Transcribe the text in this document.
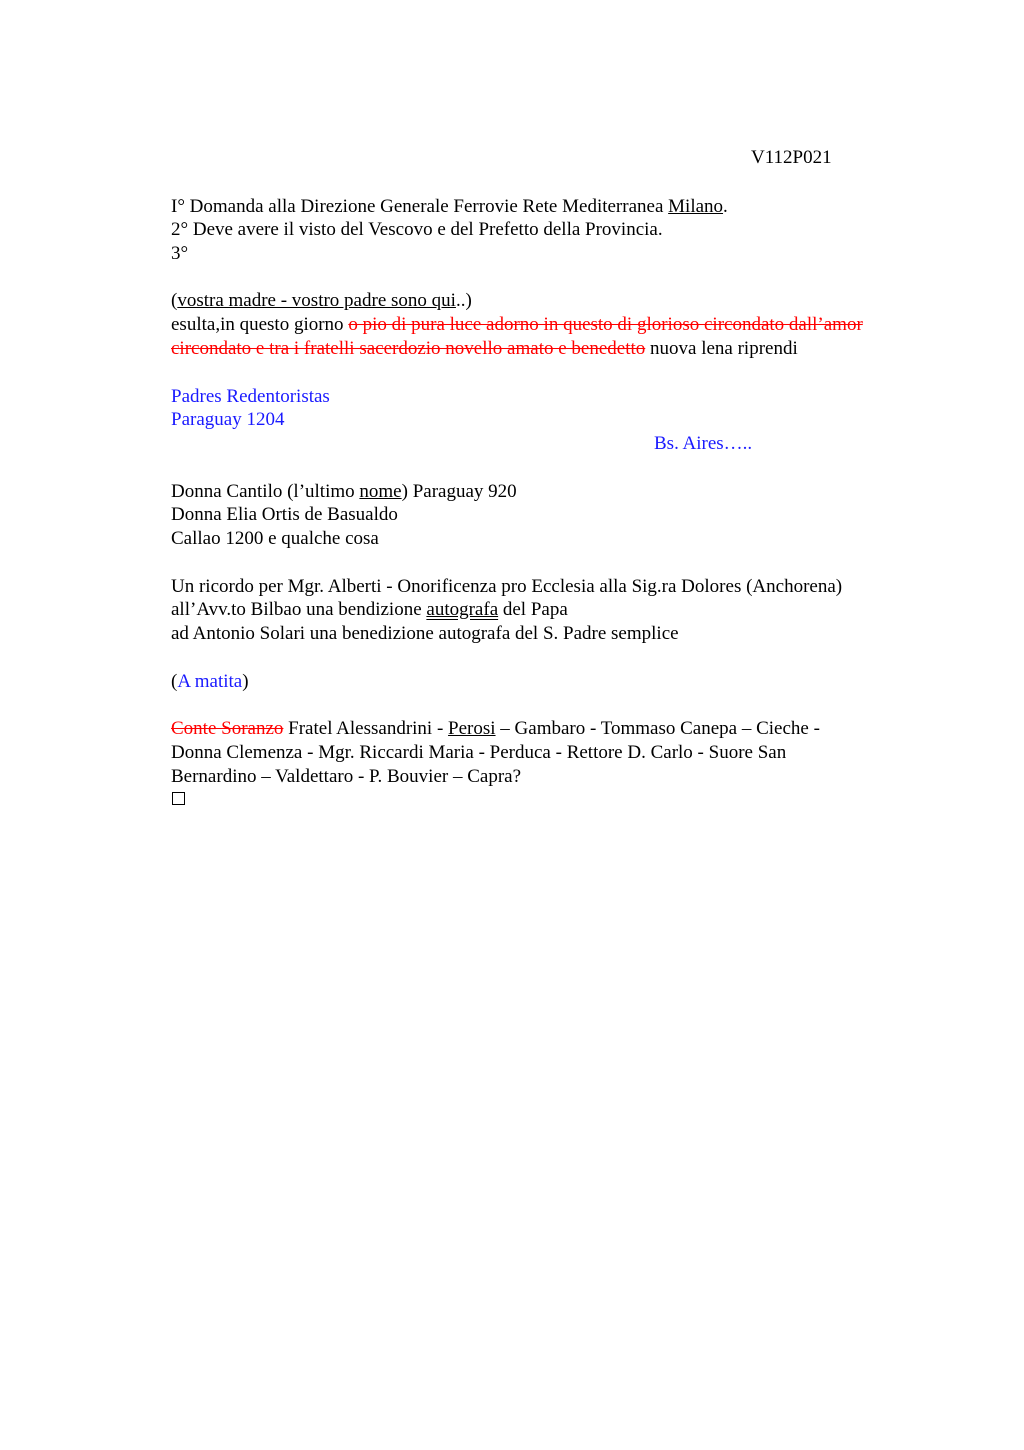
V112P021
I° Domanda alla Direzione Generale Ferrovie Rete Mediterranea Milano.
2° Deve avere il visto del Vescovo e del Prefetto della Provincia.
3°
(vostra madre - vostro padre sono qui..)
esulta,in questo giorno o pio di pura luce adorno in questo di glorioso circondato dall’amor
circondato e tra i fratelli sacerdozio novello amato e benedetto nuova lena riprendi
Padres Redentoristas
Paraguay 1204
Bs. Aires…..
Donna Cantilo (l’ultimo nome) Paraguay 920
Donna Elia Ortis de Basualdo
Callao 1200 e qualche cosa
Un ricordo per Mgr. Alberti - Onorificenza pro Ecclesia alla Sig.ra Dolores (Anchorena)
all’Avv.to Bilbao una bendizione autografa del Papa
ad Antonio Solari una benedizione autografa del S. Padre semplice
(A matita)
Conte Soranzo Fratel Alessandrini - Perosi – Gambaro - Tommaso Canepa – Cieche -
Donna Clemenza - Mgr. Riccardi Maria - Perduca - Rettore D. Carlo - Suore San
Bernardino – Valdettaro - P. Bouvier – Capra?
